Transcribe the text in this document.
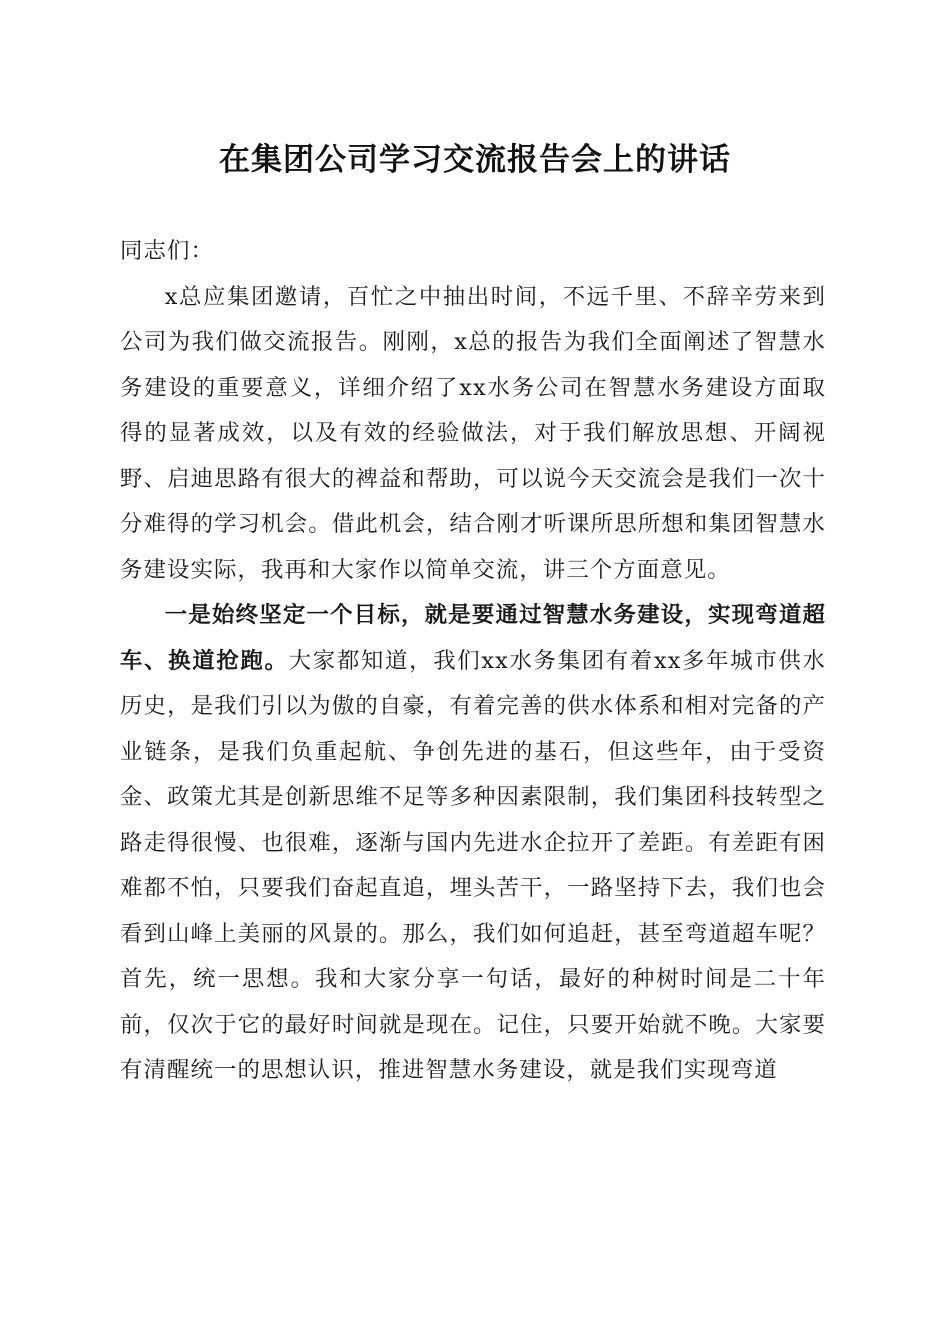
在集团公司学习交流报告会上的讲话

同志们：

x总应集团邀请，百忙之中抽出时间，不远千里、不辞辛劳来到公司为我们做交流报告。刚刚，x总的报告为我们全面阐述了智慧水务建设的重要意义，详细介绍了xx水务公司在智慧水务建设方面取得的显著成效，以及有效的经验做法，对于我们解放思想、开阔视野、启迪思路有很大的裨益和帮助，可以说今天交流会是我们一次十分难得的学习机会。借此机会，结合刚才听课所思所想和集团智慧水务建设实际，我再和大家作以简单交流，讲三个方面意见。

一是始终坚定一个目标，就是要通过智慧水务建设，实现弯道超车、换道抢跑。大家都知道，我们xx水务集团有着xx多年城市供水历史，是我们引以为傲的自豪，有着完善的供水体系和相对完备的产业链条，是我们负重起航、争创先进的基石，但这些年，由于受资金、政策尤其是创新思维不足等多种因素限制，我们集团科技转型之路走得很慢、也很难，逐渐与国内先进水企拉开了差距。有差距有困难都不怕，只要我们奋起直追，埋头苦干，一路坚持下去，我们也会看到山峰上美丽的风景的。那么，我们如何追赶，甚至弯道超车呢？首先，统一思想。我和大家分享一句话，最好的种树时间是二十年前，仅次于它的最好时间就是现在。记住，只要开始就不晚。大家要有清醒统一的思想认识，推进智慧水务建设，就是我们实现弯道
